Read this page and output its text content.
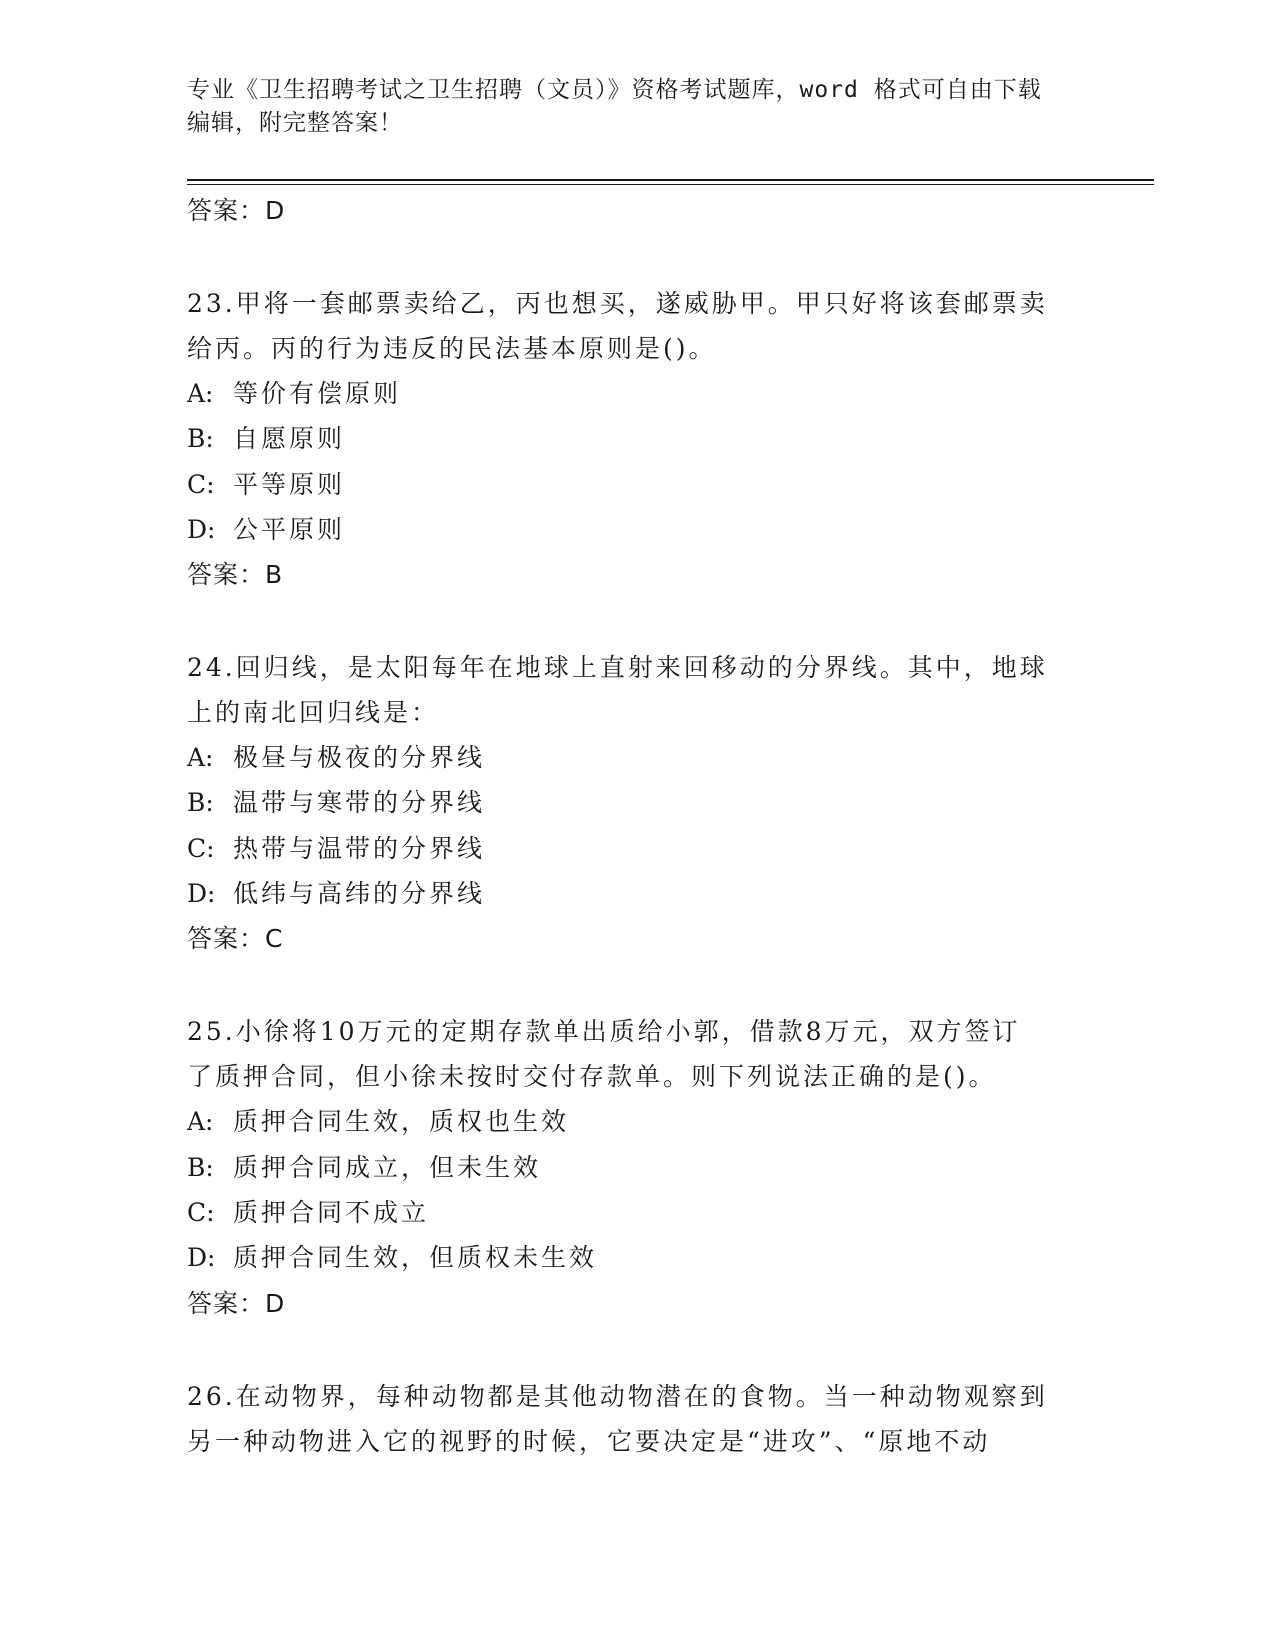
专业《卫生招聘考试之卫生招聘（文员）》资格考试题库，word 格式可自由下载
编辑，附完整答案！
答案：D
23.甲将一套邮票卖给乙，丙也想买，遂威胁甲。甲只好将该套邮票卖
给丙。丙的行为违反的民法基本原则是()。
A: 等价有偿原则
B: 自愿原则
C: 平等原则
D: 公平原则
答案：B
24.回归线，是太阳每年在地球上直射来回移动的分界线。其中，地球
上的南北回归线是：
A: 极昼与极夜的分界线
B: 温带与寒带的分界线
C: 热带与温带的分界线
D: 低纬与高纬的分界线
答案：C
25.小徐将10万元的定期存款单出质给小郭，借款8万元，双方签订
了质押合同，但小徐未按时交付存款单。则下列说法正确的是()。
A: 质押合同生效，质权也生效
B: 质押合同成立，但未生效
C: 质押合同不成立
D: 质押合同生效，但质权未生效
答案：D
26.在动物界，每种动物都是其他动物潜在的食物。当一种动物观察到
另一种动物进入它的视野的时候，它要决定是“进攻”、“原地不动
